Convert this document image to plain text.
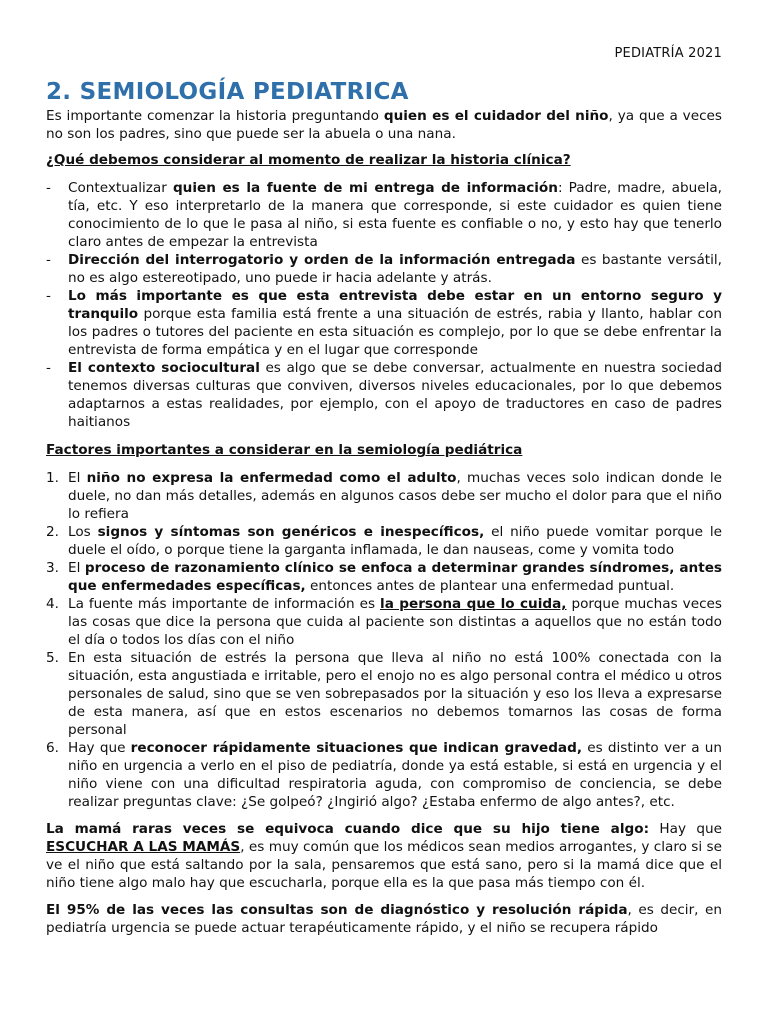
PEDIATRÍA 2021
2. SEMIOLOGÍA PEDIATRICA

Es importante comenzar la historia preguntando quien es el cuidador del niño, ya que a veces no son los padres, sino que puede ser la abuela o una nana.

¿Qué debemos considerar al momento de realizar la historia clínica?

- Contextualizar quien es la fuente de mi entrega de información: Padre, madre, abuela, tía, etc. Y eso interpretarlo de la manera que corresponde, si este cuidador es quien tiene conocimiento de lo que le pasa al niño, si esta fuente es confiable o no, y esto hay que tenerlo claro antes de empezar la entrevista
- Dirección del interrogatorio y orden de la información entregada es bastante versátil, no es algo estereotipado, uno puede ir hacia adelante y atrás.
- Lo más importante es que esta entrevista debe estar en un entorno seguro y tranquilo porque esta familia está frente a una situación de estrés, rabia y llanto, hablar con los padres o tutores del paciente en esta situación es complejo, por lo que se debe enfrentar la entrevista de forma empática y en el lugar que corresponde
- El contexto sociocultural es algo que se debe conversar, actualmente en nuestra sociedad tenemos diversas culturas que conviven, diversos niveles educacionales, por lo que debemos adaptarnos a estas realidades, por ejemplo, con el apoyo de traductores en caso de padres haitianos

Factores importantes a considerar en la semiología pediátrica

1. El niño no expresa la enfermedad como el adulto, muchas veces solo indican donde le duele, no dan más detalles, además en algunos casos debe ser mucho el dolor para que el niño lo refiera
2. Los signos y síntomas son genéricos e inespecíficos, el niño puede vomitar porque le duele el oído, o porque tiene la garganta inflamada, le dan nauseas, come y vomita todo
3. El proceso de razonamiento clínico se enfoca a determinar grandes síndromes, antes que enfermedades específicas, entonces antes de plantear una enfermedad puntual.
4. La fuente más importante de información es la persona que lo cuida, porque muchas veces las cosas que dice la persona que cuida al paciente son distintas a aquellos que no están todo el día o todos los días con el niño
5. En esta situación de estrés la persona que lleva al niño no está 100% conectada con la situación, esta angustiada e irritable, pero el enojo no es algo personal contra el médico u otros personales de salud, sino que se ven sobrepasados por la situación y eso los lleva a expresarse de esta manera, así que en estos escenarios no debemos tomarnos las cosas de forma personal
6. Hay que reconocer rápidamente situaciones que indican gravedad, es distinto ver a un niño en urgencia a verlo en el piso de pediatría, donde ya está estable, si está en urgencia y el niño viene con una dificultad respiratoria aguda, con compromiso de conciencia, se debe realizar preguntas clave: ¿Se golpeó? ¿Ingirió algo? ¿Estaba enfermo de algo antes?, etc.

La mamá raras veces se equivoca cuando dice que su hijo tiene algo: Hay que ESCUCHAR A LAS MAMÁS, es muy común que los médicos sean medios arrogantes, y claro si se ve el niño que está saltando por la sala, pensaremos que está sano, pero si la mamá dice que el niño tiene algo malo hay que escucharla, porque ella es la que pasa más tiempo con él.

El 95% de las veces las consultas son de diagnóstico y resolución rápida, es decir, en pediatría urgencia se puede actuar terapéuticamente rápido, y el niño se recupera rápido
